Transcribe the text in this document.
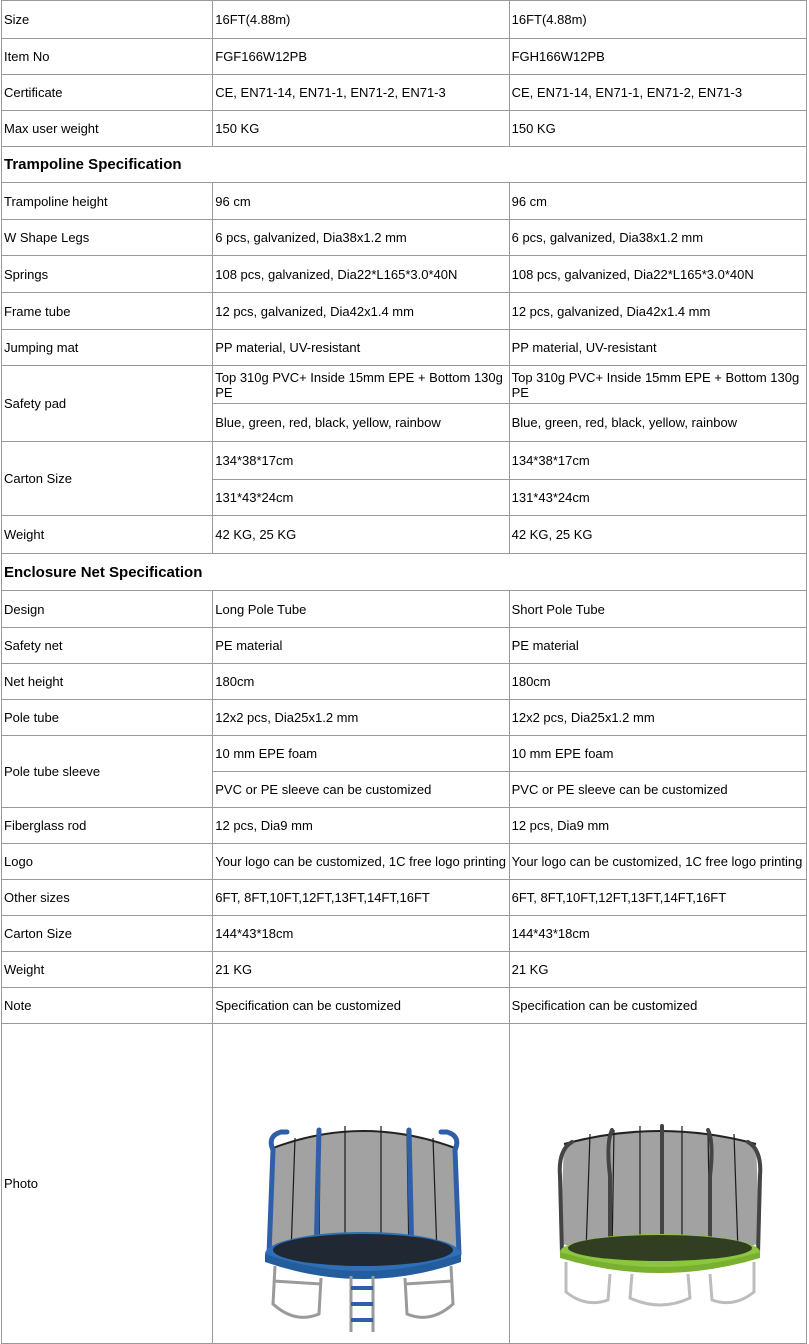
Size	16FT(4.88m)	16FT(4.88m)
Item No	FGF166W12PB	FGH166W12PB
Certificate	CE, EN71-14, EN71-1, EN71-2, EN71-3	CE, EN71-14, EN71-1, EN71-2, EN71-3
Max user weight	150 KG	150 KG
Trampoline Specification		
Trampoline height	96 cm	96 cm
W Shape Legs	6 pcs, galvanized, Dia38x1.2 mm	6 pcs, galvanized, Dia38x1.2 mm
Springs	108 pcs, galvanized, Dia22*L165*3.0*40N	108 pcs, galvanized, Dia22*L165*3.0*40N
Frame tube	12 pcs, galvanized, Dia42x1.4 mm	12 pcs, galvanized, Dia42x1.4 mm
Jumping mat	PP material, UV-resistant	PP material, UV-resistant
Safety pad	Top 310g PVC+ Inside 15mm EPE + Bottom 130g PE	Top 310g PVC+ Inside 15mm EPE + Bottom 130g PE
	Blue, green, red, black, yellow, rainbow	Blue, green, red, black, yellow, rainbow
Carton Size	134*38*17cm	134*38*17cm
	131*43*24cm	131*43*24cm
Weight	42 KG, 25 KG	42 KG, 25 KG
Enclosure Net Specification		
Design	Long Pole Tube	Short Pole Tube
Safety net	PE material	PE material
Net height	180cm	180cm
Pole tube	12x2 pcs, Dia25x1.2 mm	12x2 pcs, Dia25x1.2 mm
Pole tube sleeve	10 mm EPE foam	10 mm EPE foam
	PVC or PE sleeve can be customized	PVC or PE sleeve can be customized
Fiberglass rod	12 pcs, Dia9 mm	12 pcs, Dia9 mm
Logo	Your logo can be customized, 1C free logo printing	Your logo can be customized, 1C free logo printing
Other sizes	6FT, 8FT,10FT,12FT,13FT,14FT,16FT	6FT, 8FT,10FT,12FT,13FT,14FT,16FT
Carton Size	144*43*18cm	144*43*18cm
Weight	21 KG	21 KG
Note	Specification can be customized	Specification can be customized
Photo	
